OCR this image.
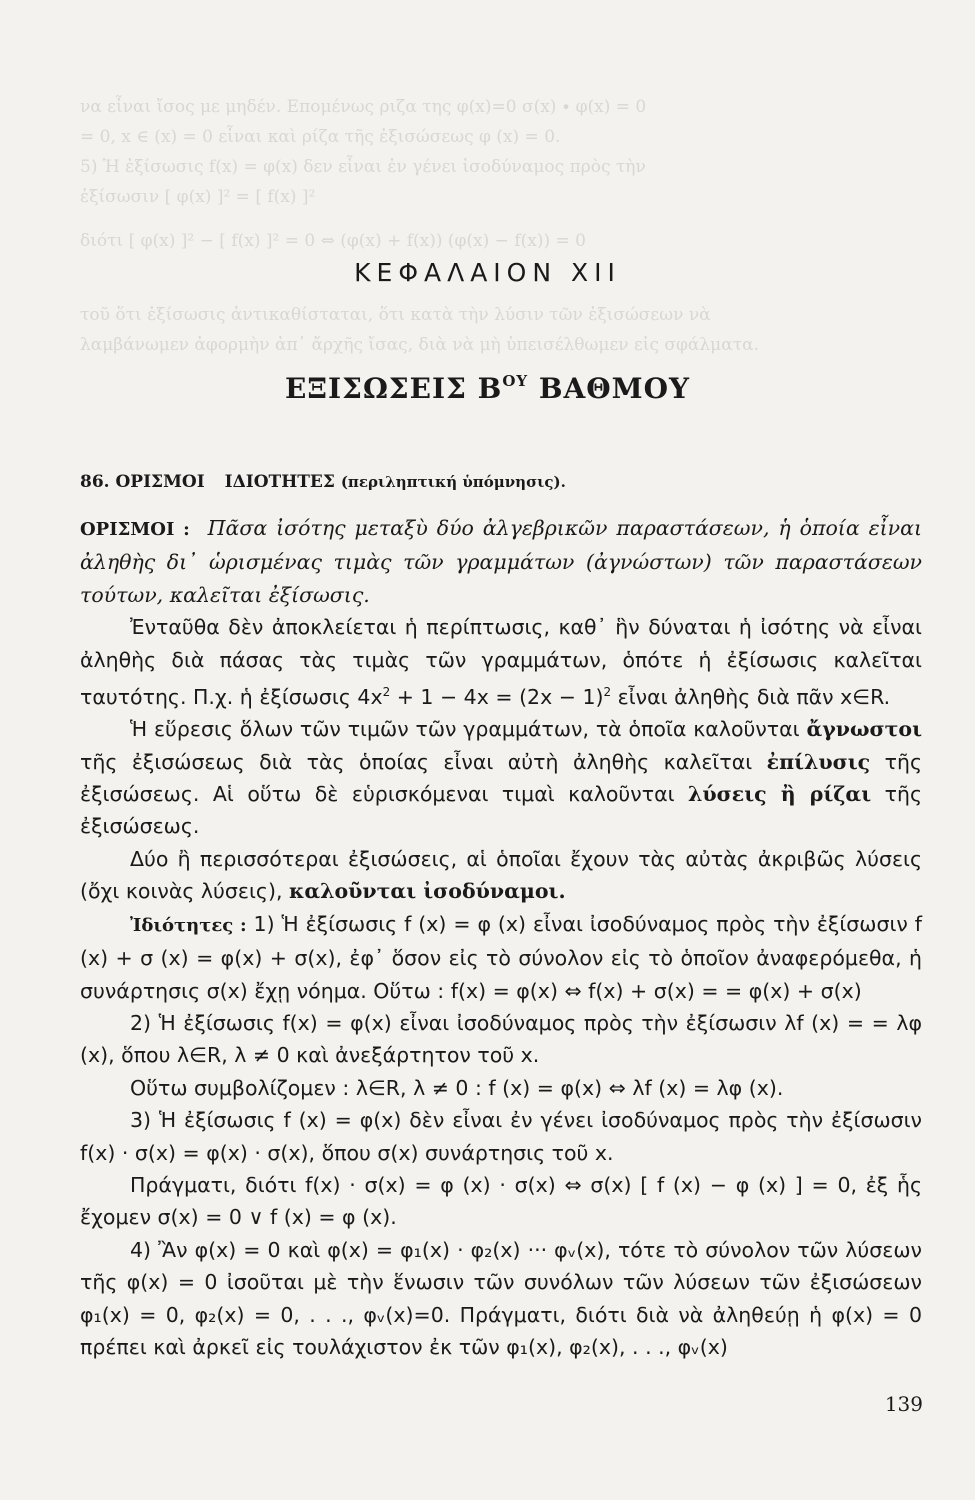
να εἶναι ἴσος με μηδέν. Επομένως ριζα της φ(x)=0 σ(x) ∙ φ(x) = 0
= 0, x ∈ (x) = 0 εἶναι καὶ ρίζα τῆς ἐξισώσεως φ (x) = 0.
5) Ἡ ἐξίσωσις f(x) = φ(x) δεν εἶναι ἐν γένει ἰσοδύναμος πρὸς τὴν
ἐξίσωσιν [ φ(x) ]² = [ f(x) ]²
διότι [ φ(x) ]² − [ f(x) ]² = 0 ⇔ (φ(x) + f(x)) (φ(x) − f(x)) = 0
τοῦ ὅτι ἐξίσωσις ἀντικαθίσταται, ὅτι κατὰ τὴν λύσιν τῶν ἐξισώσεων νὰ
λαμβάνωμεν ἀφορμὴν ἀπ᾿ ἄρχῆς ἴσας, διὰ νὰ μὴ ὑπεισέλθωμεν εἰς σφάλματα.
ΚΕΦΑΛΑΙΟΝ XII
ΕΞΙΣΩΣΕΙΣ $B^{O\Upsilon}$ ΒΑΘΜΟΥ
86. ΟΡΙΣΜΟΙ ΙΔΙΟΤΗΤΕΣ (περιληπτική ὑπόμνησις).

ΟΡΙΣΜΟΙ : Πᾶσα ἰσότης μεταξὺ δύο ἀλγεβρικῶν παραστάσεων, ἡ ὁποία εἶναι ἀληθὴς δι᾿ ὡρισμένας τιμὰς τῶν γραμμάτων (ἀγνώστων) τῶν παραστάσεων τούτων, καλεῖται ἐξίσωσις.

Ἐνταῦθα δὲν ἀποκλείεται ἡ περίπτωσις, καθ᾿ ἣν δύναται ἡ ἰσότης νὰ εἶναι ἀληθὴς διὰ πάσας τὰς τιμὰς τῶν γραμμάτων, ὁπότε ἡ ἐξίσωσις καλεῖται ταυτότης. Π.χ. ἡ ἐξίσωσις $4x^2 + 1 - 4x = (2x - 1)^2$ εἶναι ἀληθὴς διὰ πᾶν x∈R.

Ἡ εὕρεσις ὅλων τῶν τιμῶν τῶν γραμμάτων, τὰ ὁποῖα καλοῦνται ἄγνωστοι τῆς ἐξισώσεως διὰ τὰς ὁποίας εἶναι αὐτὴ ἀληθὴς καλεῖται ἐπίλυσις τῆς ἐξισώσεως. Αἱ οὕτω δὲ εὑρισκόμεναι τιμαὶ καλοῦνται λύσεις ἢ ρίζαι τῆς ἐξισώσεως.

Δύο ἢ περισσότεραι ἐξισώσεις, αἱ ὁποῖαι ἔχουν τὰς αὐτὰς ἀκριβῶς λύσεις (ὄχι κοινὰς λύσεις), καλοῦνται ἰσοδύναμοι.

Ἰδιότητες : 1) Ἡ ἐξίσωσις f (x) = φ (x) εἶναι ἰσοδύναμος πρὸς τὴν ἐξίσωσιν f (x) + σ (x) = φ(x) + σ(x), ἐφ᾿ ὅσον εἰς τὸ σύνολον εἰς τὸ ὁποῖον ἀναφερόμεθα, ἡ συνάρτησις σ(x) ἔχῃ νόημα. Οὕτω : f(x) = φ(x) ⇔ f(x) + σ(x) = = φ(x) + σ(x)

2) Ἡ ἐξίσωσις f(x) = φ(x) εἶναι ἰσοδύναμος πρὸς τὴν ἐξίσωσιν λf (x) = = λφ (x), ὅπου λ∈R, λ ≠ 0 καὶ ἀνεξάρτητον τοῦ x.

Οὕτω συμβολίζομεν : λ∈R, λ ≠ 0 : f (x) = φ(x) ⇔ λf (x) = λφ (x).

3) Ἡ ἐξίσωσις f (x) = φ(x) δὲν εἶναι ἐν γένει ἰσοδύναμος πρὸς τὴν ἐξίσωσιν f(x) · σ(x) = φ(x) · σ(x), ὅπου σ(x) συνάρτησις τοῦ x.

Πράγματι, διότι f(x) · σ(x) = φ (x) · σ(x) ⇔ σ(x) [ f (x) − φ (x) ] = 0, ἐξ ἧς ἔχομεν σ(x) = 0 ∨ f (x) = φ (x).

4) Ἂν φ(x) = 0 καὶ φ(x) = φ₁(x) · φ₂(x) ··· φᵥ(x), τότε τὸ σύνολον τῶν λύσεων τῆς φ(x) = 0 ἰσοῦται μὲ τὴν ἕνωσιν τῶν συνόλων τῶν λύσεων τῶν ἐξισώσεων φ₁(x) = 0, φ₂(x) = 0, . . ., φᵥ(x)=0. Πράγματι, διότι διὰ νὰ ἀληθεύῃ ἡ φ(x) = 0 πρέπει καὶ ἀρκεῖ εἰς τουλάχιστον ἐκ τῶν φ₁(x), φ₂(x), . . ., φᵥ(x)

139
